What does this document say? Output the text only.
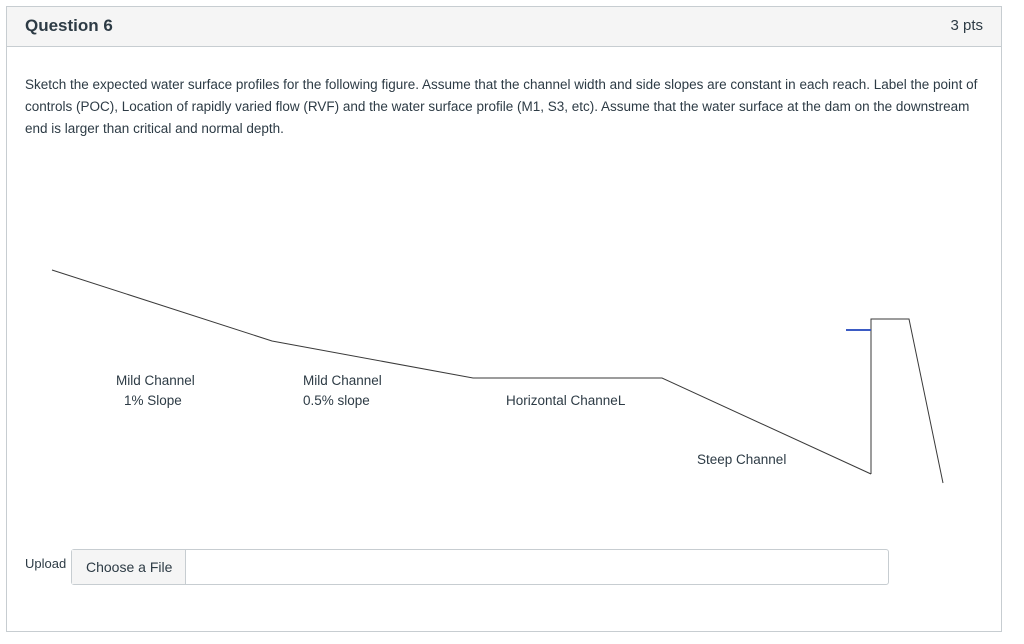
Question 6	3 pts
Sketch the expected water surface profiles for the following figure. Assume that the channel width and side slopes are constant in each reach. Label the point of controls (POC), Location of rapidly varied flow (RVF) and the water surface profile (M1, S3, etc). Assume that the water surface at the dam on the downstream end is larger than critical and normal depth.
Mild Channel
1% Slope
Mild Channel
0.5% slope	Horizontal ChanneL
Steep Channel
Upload	Choose a File
